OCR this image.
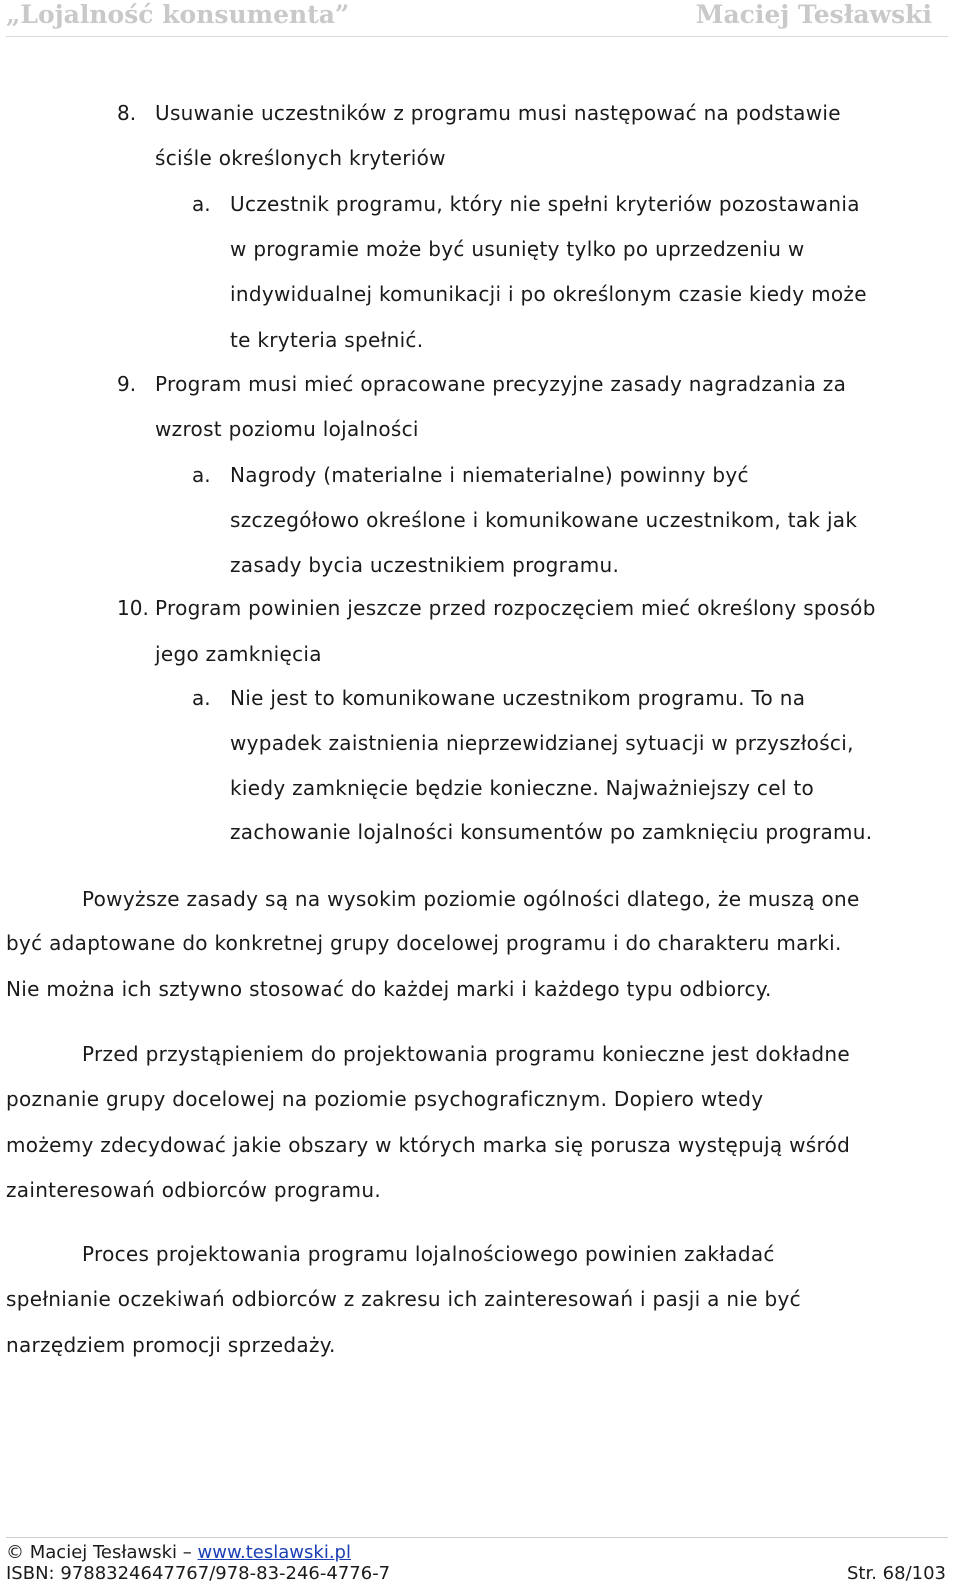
„Lojalność konsumenta”	Maciej Tesławski
8. Usuwanie uczestników z programu musi następować na podstawie
ściśle określonych kryteriów
a. Uczestnik programu, który nie spełni kryteriów pozostawania
w programie może być usunięty tylko po uprzedzeniu w
indywidualnej komunikacji i po określonym czasie kiedy może
te kryteria spełnić.
9. Program musi mieć opracowane precyzyjne zasady nagradzania za
wzrost poziomu lojalności
a. Nagrody (materialne i niematerialne) powinny być
szczegółowo określone i komunikowane uczestnikom, tak jak
zasady bycia uczestnikiem programu.
10. Program powinien jeszcze przed rozpoczęciem mieć określony sposób
jego zamknięcia
a. Nie jest to komunikowane uczestnikom programu. To na
wypadek zaistnienia nieprzewidzianej sytuacji w przyszłości,
kiedy zamknięcie będzie konieczne. Najważniejszy cel to
zachowanie lojalności konsumentów po zamknięciu programu.
Powyższe zasady są na wysokim poziomie ogólności dlatego, że muszą one
być adaptowane do konkretnej grupy docelowej programu i do charakteru marki.
Nie można ich sztywno stosować do każdej marki i każdego typu odbiorcy.
Przed przystąpieniem do projektowania programu konieczne jest dokładne
poznanie grupy docelowej na poziomie psychograficznym. Dopiero wtedy
możemy zdecydować jakie obszary w których marka się porusza występują wśród
zainteresowań odbiorców programu.
Proces projektowania programu lojalnościowego powinien zakładać
spełnianie oczekiwań odbiorców z zakresu ich zainteresowań i pasji a nie być
narzędziem promocji sprzedaży.
© Maciej Tesławski – www.teslawski.pl
ISBN: 9788324647767/978-83-246-4776-7	Str. 68/103
